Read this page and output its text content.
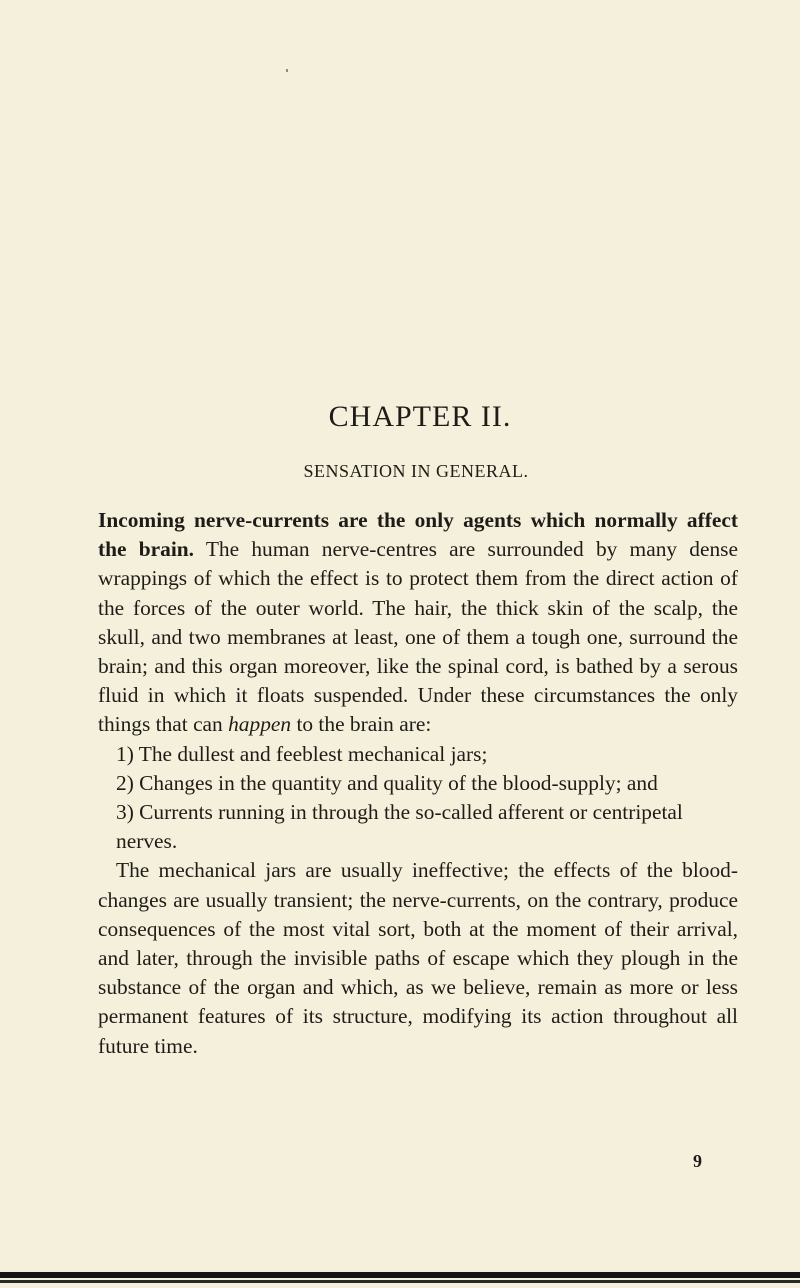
CHAPTER II.
SENSATION IN GENERAL.

Incoming nerve-currents are the only agents which normally affect the brain. The human nerve-centres are surrounded by many dense wrappings of which the effect is to protect them from the direct action of the forces of the outer world. The hair, the thick skin of the scalp, the skull, and two membranes at least, one of them a tough one, surround the brain; and this organ moreover, like the spinal cord, is bathed by a serous fluid in which it floats suspended. Under these circumstances the only things that can happen to the brain are:

1) The dullest and feeblest mechanical jars;

2) Changes in the quantity and quality of the blood-supply; and

3) Currents running in through the so-called afferent or centripetal nerves.

The mechanical jars are usually ineffective; the effects of the blood-changes are usually transient; the nerve-currents, on the contrary, produce consequences of the most vital sort, both at the moment of their arrival, and later, through the invisible paths of escape which they plough in the substance of the organ and which, as we believe, remain as more or less permanent features of its structure, modifying its action throughout all future time.

9
